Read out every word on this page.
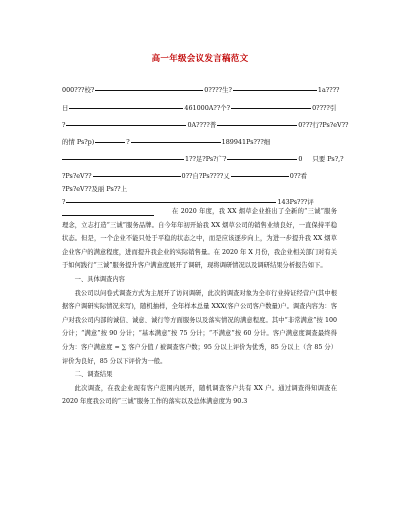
高一年级会议发言稿范文
000???校?	0????生?	1a????
日	461000A??个?	0????引
?	0A????普	0???行?Ps?eV??
的情 Ps?p)	?	189941Ps???细
1??足?Ps?广?	0 只要 Ps?,?
?Ps?eV??	0??自?Ps????乂	0??看
?Ps?eV??及丽 Ps??上
?	143Ps???评

在 2020 年度，我 XX 烟草企业推出了全新的“三诚”服务理念，立志打造“三诚”服务品牌。自今年年初开始我 XX 烟草公司的销售业绩良好，一直保持平稳状态。但是，一个企业不能只处于平稳的状态之中，而是应该逐步向上，为进一步提升我 XX 烟草企业客户的满意程度，进而提升我企业的实际销售量。在 2020 年 X 月份，我企业相关部门对有关于如何践行“三诚”服务提升客户满意度展开了调研，现将调研情况以及调研结果分析报告如下。

一、具体调查内容

我公司以问卷式调查方式为主展开了访问调研，此次的调查对象为全市行业持证经营户(其中根据客户调研实际情况来写)，随机抽样，全年样本总量 XXX(客户公司客户数量)户。调查内容为：客户对我公司内部的诚信、诚意、诚行等方面服务以及落实情况的满意程度。其中“非常满意”按 100 分计；“满意”按 90 分计；“基本满意”按 75 分计；“不满意”按 60 分计。客户满意度调查最终得分为：客户满意度 = ∑ 客户分值 / 被调查客户数；95 分以上评价为优秀，85 分以上（含 85 分）评价为良好，85 分以下评价为一般。

二、调查结果

此次调查，在我企业现有客户范围内展开，随机调查客户共有 XX 户。通过调查得知调查在 2020 年度我公司的“三诚”服务工作的落实以及总体满意度为 90.3
